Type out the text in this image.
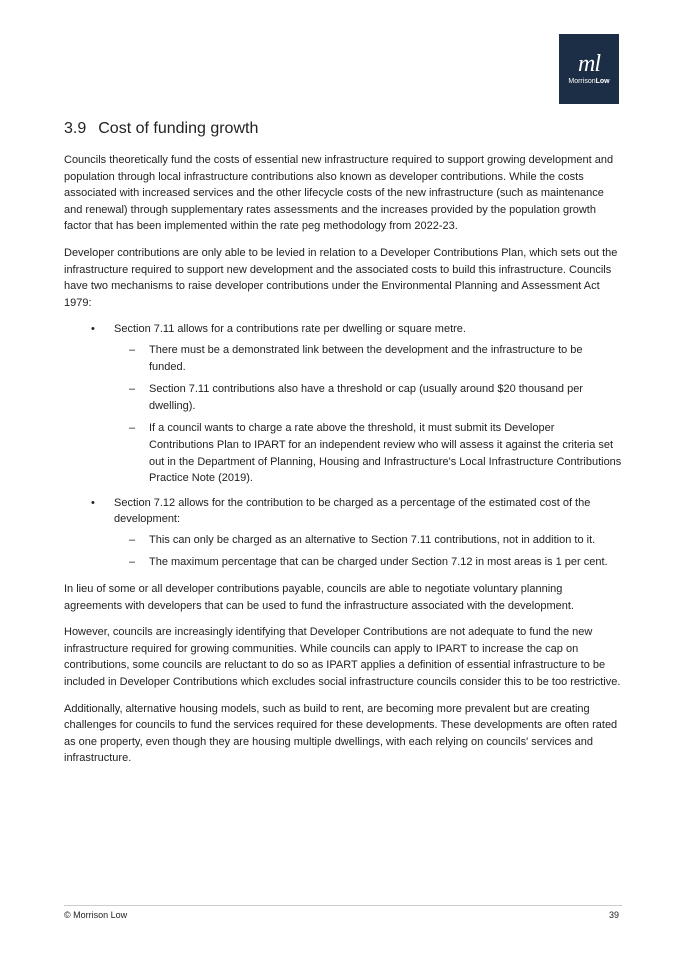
ml
MorrisonLow
3.9 Cost of funding growth

Councils theoretically fund the costs of essential new infrastructure required to support growing development and population through local infrastructure contributions also known as developer contributions. While the costs associated with increased services and the other lifecycle costs of the new infrastructure (such as maintenance and renewal) through supplementary rates assessments and the increases provided by the population growth factor that has been implemented within the rate peg methodology from 2022-23.

Developer contributions are only able to be levied in relation to a Developer Contributions Plan, which sets out the infrastructure required to support new development and the associated costs to build this infrastructure. Councils have two mechanisms to raise developer contributions under the Environmental Planning and Assessment Act 1979:

• Section 7.11 allows for a contributions rate per dwelling or square metre.
– There must be a demonstrated link between the development and the infrastructure to be funded.
– Section 7.11 contributions also have a threshold or cap (usually around $20 thousand per dwelling).
– If a council wants to charge a rate above the threshold, it must submit its Developer Contributions Plan to IPART for an independent review who will assess it against the criteria set out in the Department of Planning, Housing and Infrastructure's Local Infrastructure Contributions Practice Note (2019).
• Section 7.12 allows for the contribution to be charged as a percentage of the estimated cost of the development:
– This can only be charged as an alternative to Section 7.11 contributions, not in addition to it.
– The maximum percentage that can be charged under Section 7.12 in most areas is 1 per cent.

In lieu of some or all developer contributions payable, councils are able to negotiate voluntary planning agreements with developers that can be used to fund the infrastructure associated with the development.

However, councils are increasingly identifying that Developer Contributions are not adequate to fund the new infrastructure required for growing communities. While councils can apply to IPART to increase the cap on contributions, some councils are reluctant to do so as IPART applies a definition of essential infrastructure to be included in Developer Contributions which excludes social infrastructure councils consider this to be too restrictive.

Additionally, alternative housing models, such as build to rent, are becoming more prevalent but are creating challenges for councils to fund the services required for these developments. These developments are often rated as one property, even though they are housing multiple dwellings, with each relying on councils' services and infrastructure.

© Morrison Low	39
